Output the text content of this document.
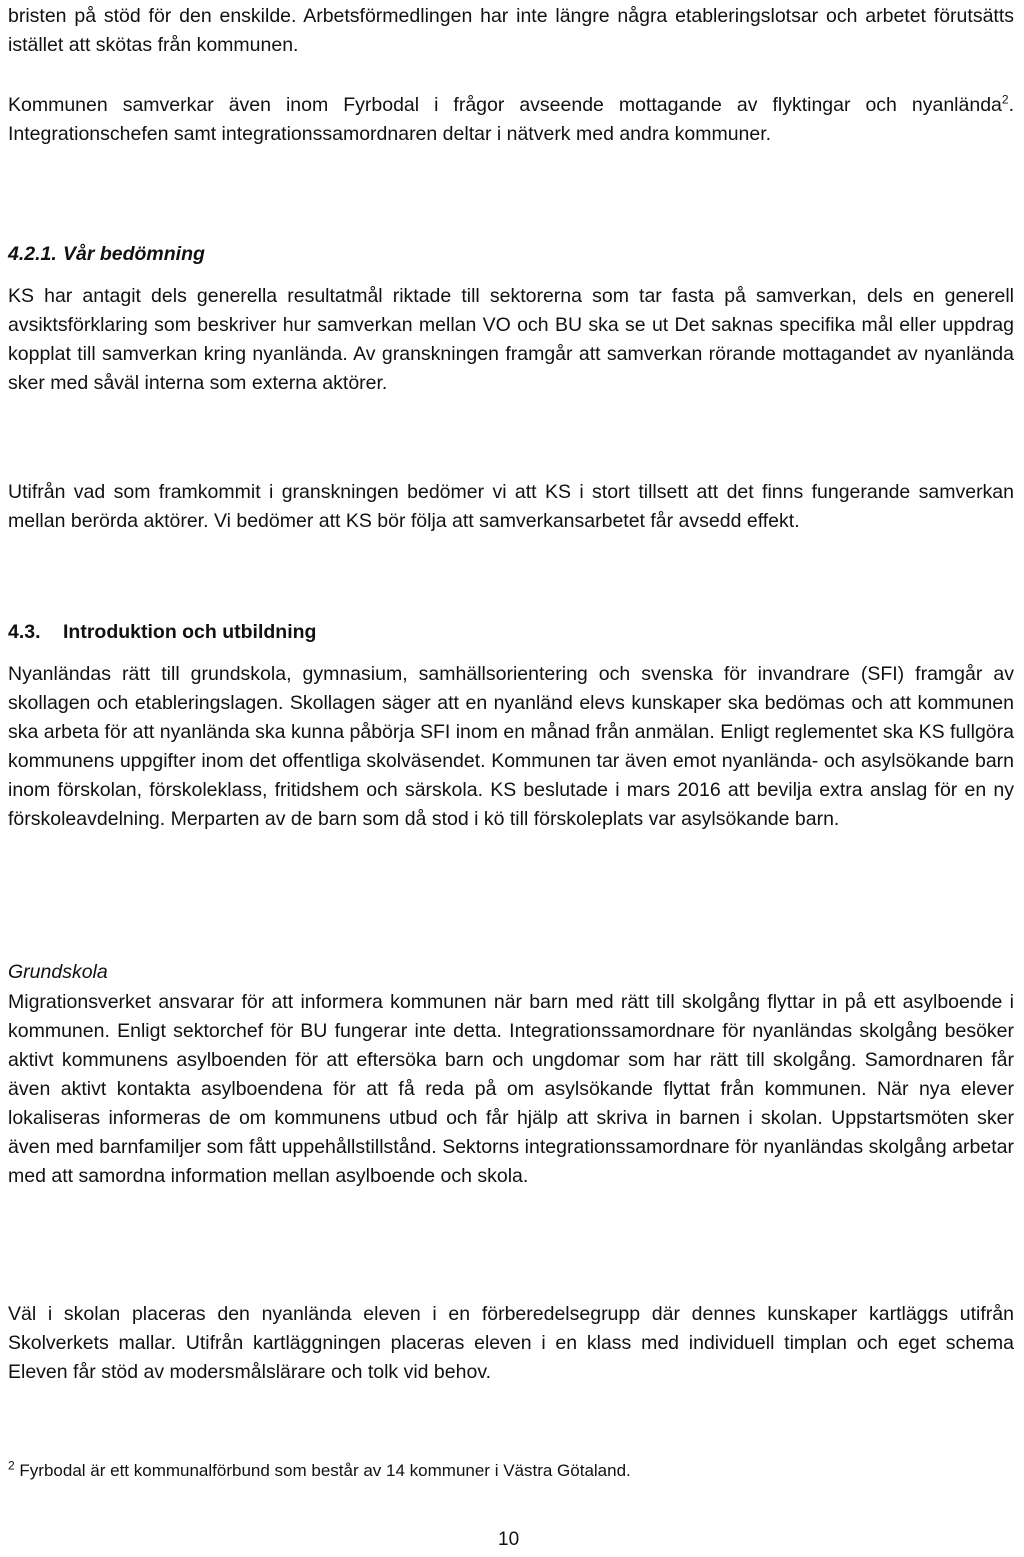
bristen på stöd för den enskilde. Arbetsförmedlingen har inte längre några etableringslotsar och arbetet förutsätts istället att skötas från kommunen.

Kommunen samverkar även inom Fyrbodal i frågor avseende mottagande av flyktingar och nyanlända$^2$. Integrationschefen samt integrationssamordnaren deltar i nätverk med andra kommuner.

4.2.1. Vår bedömning

KS har antagit dels generella resultatmål riktade till sektorerna som tar fasta på samverkan, dels en generell avsiktsförklaring som beskriver hur samverkan mellan VO och BU ska se ut Det saknas specifika mål eller uppdrag kopplat till samverkan kring nyanlända. Av granskningen framgår att samverkan rörande mottagandet av nyanlända sker med såväl interna som externa aktörer.

Utifrån vad som framkommit i granskningen bedömer vi att KS i stort tillsett att det finns fungerande samverkan mellan berörda aktörer. Vi bedömer att KS bör följa att samverkansarbetet får avsedd effekt.

4.3. Introduktion och utbildning

Nyanländas rätt till grundskola, gymnasium, samhällsorientering och svenska för invandrare (SFI) framgår av skollagen och etableringslagen. Skollagen säger att en nyanländ elevs kunskaper ska bedömas och att kommunen ska arbeta för att nyanlända ska kunna påbörja SFI inom en månad från anmälan. Enligt reglementet ska KS fullgöra kommunens uppgifter inom det offentliga skolväsendet. Kommunen tar även emot nyanlända- och asylsökande barn inom förskolan, förskoleklass, fritidshem och särskola. KS beslutade i mars 2016 att bevilja extra anslag för en ny förskoleavdelning. Merparten av de barn som då stod i kö till förskoleplats var asylsökande barn.

Grundskola

Migrationsverket ansvarar för att informera kommunen när barn med rätt till skolgång flyttar in på ett asylboende i kommunen. Enligt sektorchef för BU fungerar inte detta. Integrationssamordnare för nyanländas skolgång besöker aktivt kommunens asylboenden för att eftersöka barn och ungdomar som har rätt till skolgång. Samordnaren får även aktivt kontakta asylboendena för att få reda på om asylsökande flyttat från kommunen. När nya elever lokaliseras informeras de om kommunens utbud och får hjälp att skriva in barnen i skolan. Uppstartsmöten sker även med barnfamiljer som fått uppehållstillstånd. Sektorns integrationssamordnare för nyanländas skolgång arbetar med att samordna information mellan asylboende och skola.

Väl i skolan placeras den nyanlända eleven i en förberedelsegrupp där dennes kunskaper kartläggs utifrån Skolverkets mallar. Utifrån kartläggningen placeras eleven i en klass med individuell timplan och eget schema Eleven får stöd av modersmålslärare och tolk vid behov.

$^2$ Fyrbodal är ett kommunalförbund som består av 14 kommuner i Västra Götaland.
10
